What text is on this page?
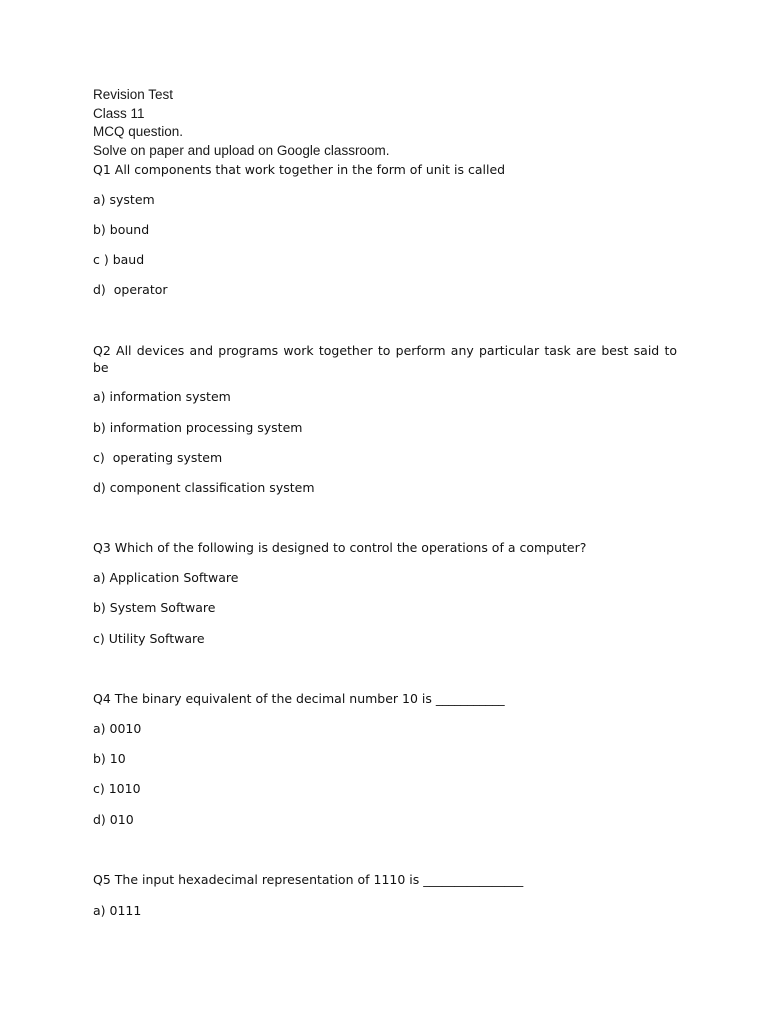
Revision Test

Class 11

MCQ question.

Solve on paper and upload on Google classroom.

Q1 All components that work together in the form of unit is called

a) system

b) bound

c ) baud

d)  operator

Q2 All devices and programs work together to perform any particular task are best said to be

a) information system

b) information processing system

c)  operating system

d) component classification system

Q3 Which of the following is designed to control the operations of a computer?

a) Application Software

b) System Software

c) Utility Software

Q4 The binary equivalent of the decimal number 10 is ___________

a) 0010

b) 10

c) 1010

d) 010

Q5 The input hexadecimal representation of 1110 is ________________

a) 0111
